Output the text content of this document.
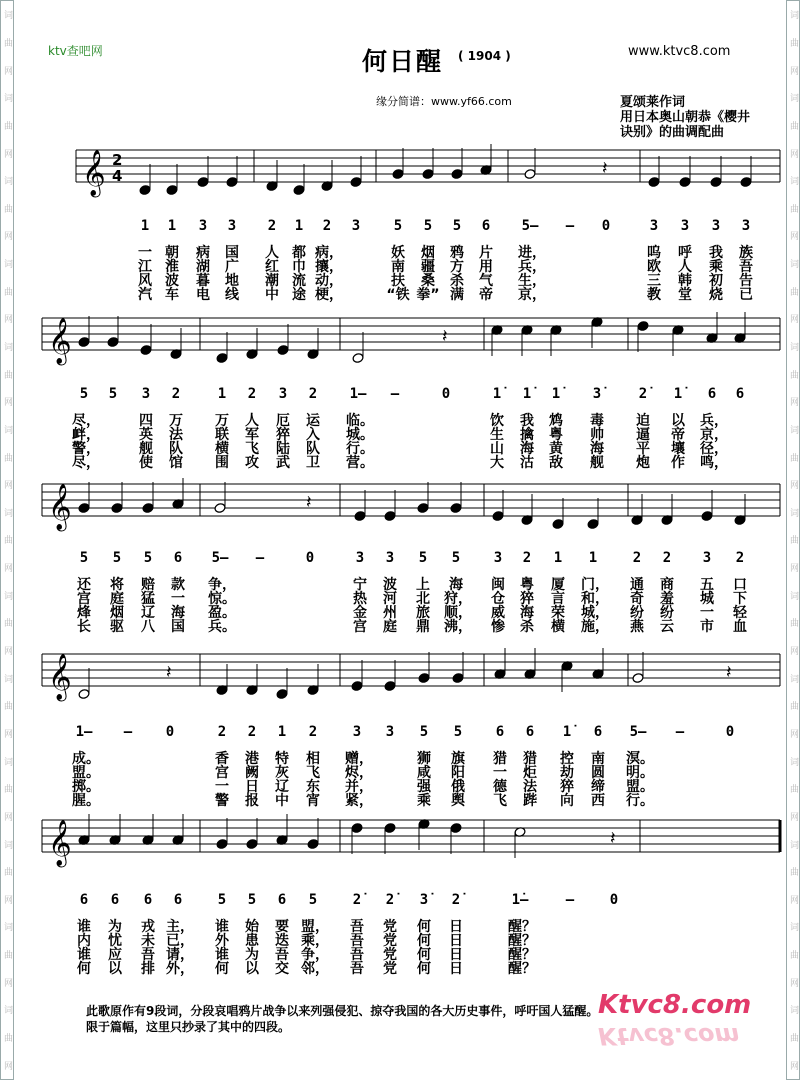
词
曲
网
词
曲
网
词
曲
网
词
曲
网
词
曲
网
词
曲
网
词
曲
网
词
曲
网
词
曲
网
词
曲
网
词
曲
网
词
曲
网
词
曲
网
词
曲
网
词
曲
网
词
曲
网
词
曲
网
词
曲
网
词
曲
网
词
曲
网
词
曲
网
词
曲
网
词
曲
网
词
曲
网
词
曲
网
词
曲
网
ktv查吧网	www.ktvc8.com
何日醒 ( 1904 )
缘分简谱：www.yf66.com	夏颂莱作词
用日本奥山朝恭《樱井
诀别》的曲调配曲
𝄞 2
4	𝄽
1	1	3	3	2	1	2	3	5	5	5	6	5—	—	0	3	3	3	3
一 朝	病	国	人 都 病，	妖	烟	鸦	片	进，	呜	呼	我	族
江 淮	湖	广	红 巾 攘，	南	疆	方	用	兵，	欧	人	乘	吾
风 波	暮	地	潮 流 动，	扶	桑	杀	气	生，	三	韩	初	告
汽 车	电	线	中 途 梗，	“铁 拳” 满	帝	京，	教	堂	烧	已
𝄞	𝄽
5	5	3	2	1	2	3	2	1—	—	0	1̇	1̇	1̇	3̇	2̇	1̇	6	6
尽，	四	万	万	人	厄	运	临。	饮	我	鸩	毒	迫	以	兵，
衅，	英	法	联	军	猝	入	城。	生	擒	粤	帅	逼	帝	京，
警，	舰	队	横	飞	陆	队	行。	山	海	黄	海	平	壤	径，
尽，	使	馆	围	攻	武	卫	营。	大	沽	敌	舰	炮	作	鸣，
𝄞	𝄽
5	5	5	6	5—	—	0	3	3	5	5	3	2	1	1	2	2	3	2
还	将	赔	款	争，	宁	波	上	海	闽	粤	厦	门，	通	商	五	口
宫	庭	猛	一	惊。	热	河	北	狩，	仓	猝	言	和，	奇	羞	城	下
烽	烟	辽	海	盈。	金	州	旅	顺，	威	海	荣	城，	纷	纷	一	轻
长	驱	八	国	兵。	宫	庭	鼎	沸，	惨	杀	横	施，	燕	云	市	血
𝄞	𝄽	𝄽
1—	—	0	2	2	1	2	3	3	5	5	6	6	1̇	6	5—	—	0
成。	香	港	特	相	赠，	狮	旗	猎	猎	控	南	溟。
盟。	宫	阙	灰	飞	烬，	咸	阳	一	炬	劫	圆	明。
掷。	一	日	辽	东	并，	强	俄	德	法	猝	缔	盟。
腥。	警	报	中	宵	紧，	乘	舆	飞	跸	向	西	行。
𝄞	𝄽
6	6	6	6	5	5	6	5	2̇	2̇	3̇	2̇	1̇—	—	0
谁	为	戎 主，	谁	始	要 盟，	吾	党	何	日	醒？
内	忧	未 已，	外	患	迭 乘，	吾	党	何	日	醒？
谁	应	吾 请，	谁	为	吾 争，	吾	党	何	日	醒？
何	以	排 外，	何	以	交 邻，	吾	党	何	日	醒？
此歌原作有9段词，分段哀唱鸦片战争以来列强侵犯、掠夺我国的各大历史事件，呼吁国人猛醒。
限于篇幅，这里只抄录了其中的四段。
Ktvc8.com
Ktvc8.com
